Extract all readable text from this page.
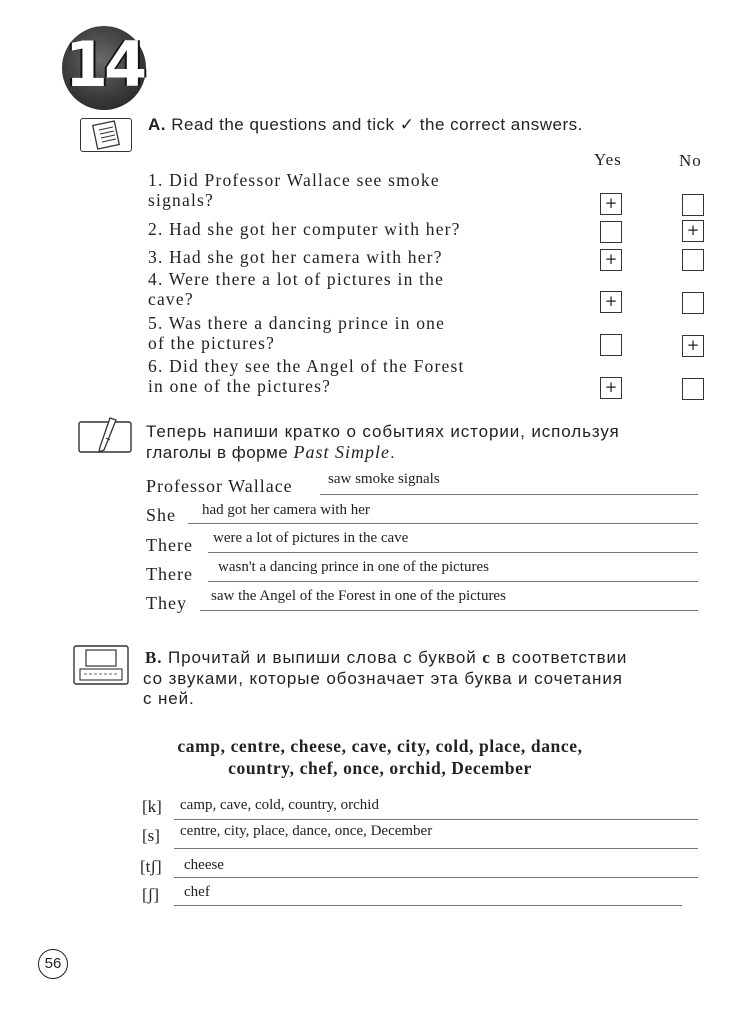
14
A. Read the questions and tick ✓ the correct answers.
Yes	No
1. Did Professor Wallace see smoke
signals?
2. Had she got her computer with her?
3. Had she got her camera with her?
4. Were there a lot of pictures in the
cave?
5. Was there a dancing prince in one
of the pictures?
6. Did they see the Angel of the Forest
in one of the pictures?
+
+
+
+
+
+
Теперь напиши кратко о событиях истории, используя
глаголы в форме Past Simple.
Professor Wallace saw smoke signals
She had got her camera with her
There were a lot of pictures in the cave
There wasn't a dancing prince in one of the pictures
They saw the Angel of the Forest in one of the pictures
B. Прочитай и выпиши слова с буквой c в соответствии
со звуками, которые обозначает эта буква и сочетания
с ней.
camp, centre, cheese, cave, city, cold, place, dance,
country, chef, once, orchid, December
[k] camp, cave, cold, country, orchid
[s] centre, city, place, dance, once, December
[tʃ] cheese
[ʃ] chef
56
